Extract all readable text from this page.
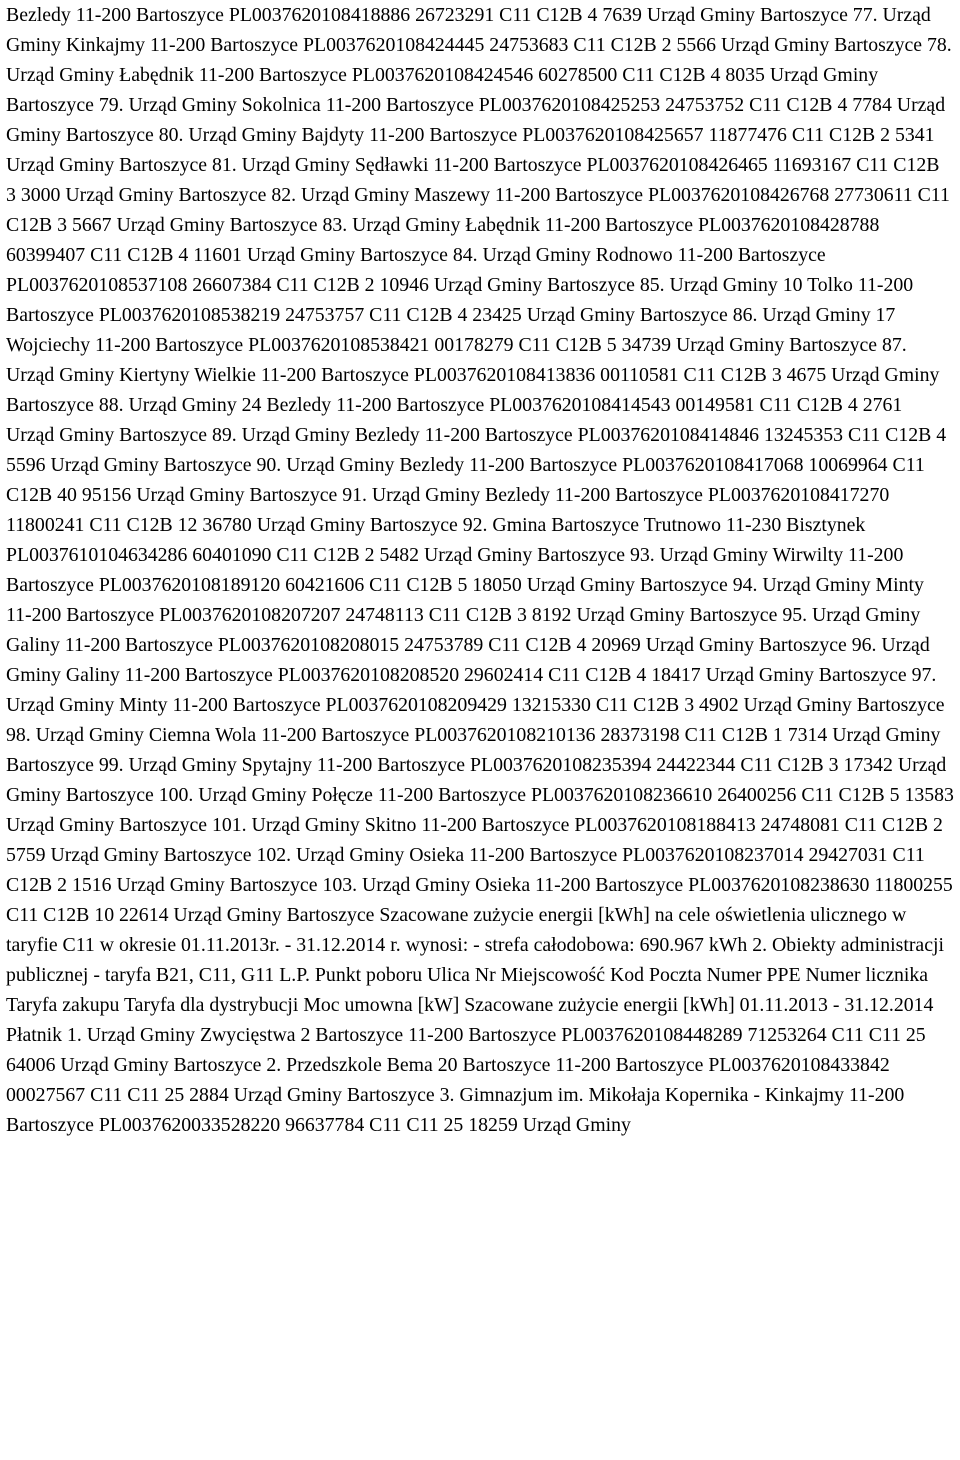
Bezledy 11-200 Bartoszyce PL0037620108418886 26723291 C11 C12B 4 7639 Urząd Gminy Bartoszyce 77. Urząd Gminy Kinkajmy 11-200 Bartoszyce PL0037620108424445 24753683 C11 C12B 2 5566 Urząd Gminy Bartoszyce 78. Urząd Gminy Łabędnik 11-200 Bartoszyce PL0037620108424546 60278500 C11 C12B 4 8035 Urząd Gminy Bartoszyce 79. Urząd Gminy Sokolnica 11-200 Bartoszyce PL0037620108425253 24753752 C11 C12B 4 7784 Urząd Gminy Bartoszyce 80. Urząd Gminy Bajdyty 11-200 Bartoszyce PL0037620108425657 11877476 C11 C12B 2 5341 Urząd Gminy Bartoszyce 81. Urząd Gminy Sędławki 11-200 Bartoszyce PL0037620108426465 11693167 C11 C12B 3 3000 Urząd Gminy Bartoszyce 82. Urząd Gminy Maszewy 11-200 Bartoszyce PL0037620108426768 27730611 C11 C12B 3 5667 Urząd Gminy Bartoszyce 83. Urząd Gminy Łabędnik 11-200 Bartoszyce PL0037620108428788 60399407 C11 C12B 4 11601 Urząd Gminy Bartoszyce 84. Urząd Gminy Rodnowo 11-200 Bartoszyce PL0037620108537108 26607384 C11 C12B 2 10946 Urząd Gminy Bartoszyce 85. Urząd Gminy 10 Tolko 11-200 Bartoszyce PL0037620108538219 24753757 C11 C12B 4 23425 Urząd Gminy Bartoszyce 86. Urząd Gminy 17 Wojciechy 11-200 Bartoszyce PL0037620108538421 00178279 C11 C12B 5 34739 Urząd Gminy Bartoszyce 87. Urząd Gminy Kiertyny Wielkie 11-200 Bartoszyce PL0037620108413836 00110581 C11 C12B 3 4675 Urząd Gminy Bartoszyce 88. Urząd Gminy 24 Bezledy 11-200 Bartoszyce PL0037620108414543 00149581 C11 C12B 4 2761 Urząd Gminy Bartoszyce 89. Urząd Gminy Bezledy 11-200 Bartoszyce PL0037620108414846 13245353 C11 C12B 4 5596 Urząd Gminy Bartoszyce 90. Urząd Gminy Bezledy 11-200 Bartoszyce PL0037620108417068 10069964 C11 C12B 40 95156 Urząd Gminy Bartoszyce 91. Urząd Gminy Bezledy 11-200 Bartoszyce PL0037620108417270 11800241 C11 C12B 12 36780 Urząd Gminy Bartoszyce 92. Gmina Bartoszyce Trutnowo 11-230 Bisztynek PL0037610104634286 60401090 C11 C12B 2 5482 Urząd Gminy Bartoszyce 93. Urząd Gminy Wirwilty 11-200 Bartoszyce PL0037620108189120 60421606 C11 C12B 5 18050 Urząd Gminy Bartoszyce 94. Urząd Gminy Minty 11-200 Bartoszyce PL0037620108207207 24748113 C11 C12B 3 8192 Urząd Gminy Bartoszyce 95. Urząd Gminy Galiny 11-200 Bartoszyce PL0037620108208015 24753789 C11 C12B 4 20969 Urząd Gminy Bartoszyce 96. Urząd Gminy Galiny 11-200 Bartoszyce PL0037620108208520 29602414 C11 C12B 4 18417 Urząd Gminy Bartoszyce 97. Urząd Gminy Minty 11-200 Bartoszyce PL0037620108209429 13215330 C11 C12B 3 4902 Urząd Gminy Bartoszyce 98. Urząd Gminy Ciemna Wola 11-200 Bartoszyce PL0037620108210136 28373198 C11 C12B 1 7314 Urząd Gminy Bartoszyce 99. Urząd Gminy Spytajny 11-200 Bartoszyce PL0037620108235394 24422344 C11 C12B 3 17342 Urząd Gminy Bartoszyce 100. Urząd Gminy Połęcze 11-200 Bartoszyce PL0037620108236610 26400256 C11 C12B 5 13583 Urząd Gminy Bartoszyce 101. Urząd Gminy Skitno 11-200 Bartoszyce PL0037620108188413 24748081 C11 C12B 2 5759 Urząd Gminy Bartoszyce 102. Urząd Gminy Osieka 11-200 Bartoszyce PL0037620108237014 29427031 C11 C12B 2 1516 Urząd Gminy Bartoszyce 103. Urząd Gminy Osieka 11-200 Bartoszyce PL0037620108238630 11800255 C11 C12B 10 22614 Urząd Gminy Bartoszyce Szacowane zużycie energii [kWh] na cele oświetlenia ulicznego w taryfie C11 w okresie 01.11.2013r. - 31.12.2014 r. wynosi: - strefa całodobowa: 690.967 kWh 2. Obiekty administracji publicznej - taryfa B21, C11, G11 L.P. Punkt poboru Ulica Nr Miejscowość Kod Poczta Numer PPE Numer licznika Taryfa zakupu Taryfa dla dystrybucji Moc umowna [kW] Szacowane zużycie energii [kWh] 01.11.2013 - 31.12.2014 Płatnik 1. Urząd Gminy Zwycięstwa 2 Bartoszyce 11-200 Bartoszyce PL0037620108448289 71253264 C11 C11 25 64006 Urząd Gminy Bartoszyce 2. Przedszkole Bema 20 Bartoszyce 11-200 Bartoszyce PL0037620108433842 00027567 C11 C11 25 2884 Urząd Gminy Bartoszyce 3. Gimnazjum im. Mikołaja Kopernika - Kinkajmy 11-200 Bartoszyce PL0037620033528220 96637784 C11 C11 25 18259 Urząd Gminy
